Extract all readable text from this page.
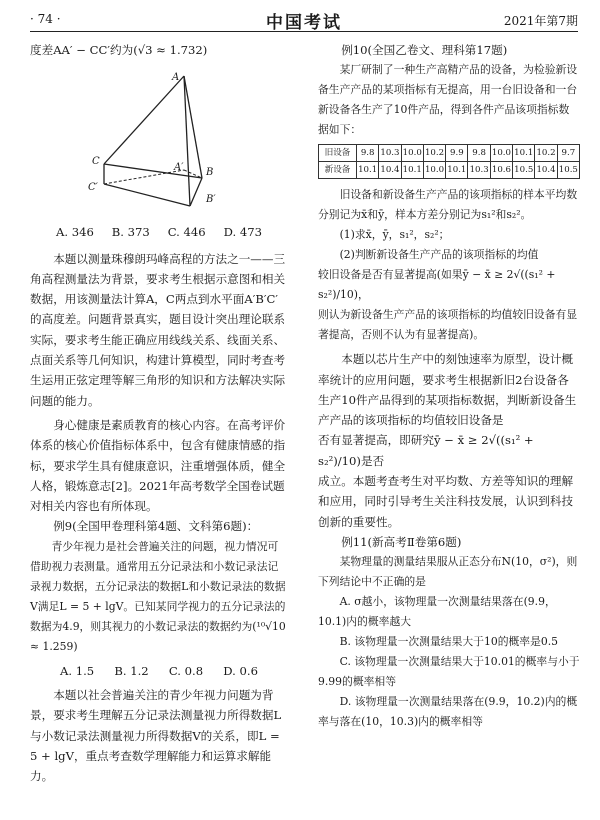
· 74 ·	中国考试	2021年第7期

度差AA′ − CC′约为(√3 ≈ 1.732)

A
B
C
A′
B′
C′
A. 346 B. 373 C. 446 D. 473

本题以测量珠穆朗玛峰高程的方法之一——三角高程测量法为背景，要求考生根据示意图和相关数据，用该测量法计算A，C两点到水平面A′B′C′的高度差。问题背景真实，题目设计突出理论联系实际，要求考生能正确应用线线关系、线面关系、点面关系等几何知识，构建计算模型，同时考查考生运用正弦定理等解三角形的知识和方法解决实际问题的能力。

身心健康是素质教育的核心内容。在高考评价体系的核心价值指标体系中，包含有健康情感的指标，要求学生具有健康意识，注重增强体质，健全人格，锻炼意志[2]。2021年高考数学全国卷试题对相关内容也有所体现。

例9(全国甲卷理科第4题、文科第6题)：

青少年视力是社会普遍关注的问题，视力情况可借助视力表测量。通常用五分记录法和小数记录法记录视力数据，五分记录法的数据L和小数记录法的数据V满足L = 5 + lgV。已知某同学视力的五分记录法的数据为4.9，则其视力的小数记录法的数据约为(¹⁰√10 ≈ 1.259)

A. 1.5 B. 1.2 C. 0.8 D. 0.6

本题以社会普遍关注的青少年视力问题为背景，要求考生理解五分记录法测量视力所得数据L与小数记录法测量视力所得数据V的关系，即L = 5 + lgV，重点考查数学理解能力和运算求解能力。

例10(全国乙卷文、理科第17题)

某厂研制了一种生产高精产品的设备，为检验新设备生产产品的某项指标有无提高，用一台旧设备和一台新设备各生产了10件产品，得到各件产品该项指标数据如下：

旧设备	9.8	10.3	10.0	10.2	9.9	9.8	10.0	10.1	10.2	9.7
新设备	10.1	10.4	10.1	10.0	10.1	10.3	10.6	10.5	10.4	10.5

旧设备和新设备生产产品的该项指标的样本平均数分别记为x̄和ȳ，样本方差分别记为s₁²和s₂²。

(1)求x̄，ȳ，s₁²，s₂²；

(2)判断新设备生产产品的该项指标的均值

较旧设备是否有显著提高(如果ȳ − x̄ ≥ 2√((s₁² + s₂²)/10)，

则认为新设备生产产品的该项指标的均值较旧设备有显著提高，否则不认为有显著提高)。

本题以芯片生产中的刻蚀速率为原型，设计概率统计的应用问题，要求考生根据新旧2台设备各生产10件产品得到的某项指标数据，判断新设备生产产品的该项指标的均值较旧设备是

否有显著提高，即研究ȳ − x̄ ≥ 2√((s₁² + s₂²)/10)是否

成立。本题考查考生对平均数、方差等知识的理解和应用，同时引导考生关注科技发展，认识到科技创新的重要性。

例11(新高考Ⅱ卷第6题)

某物理量的测量结果服从正态分布N(10，σ²)，则下列结论中不正确的是

A. σ越小，该物理量一次测量结果落在(9.9，10.1)内的概率越大

B. 该物理量一次测量结果大于10的概率是0.5

C. 该物理量一次测量结果大于10.01的概率与小于9.99的概率相等

D. 该物理量一次测量结果落在(9.9，10.2)内的概率与落在(10，10.3)内的概率相等
